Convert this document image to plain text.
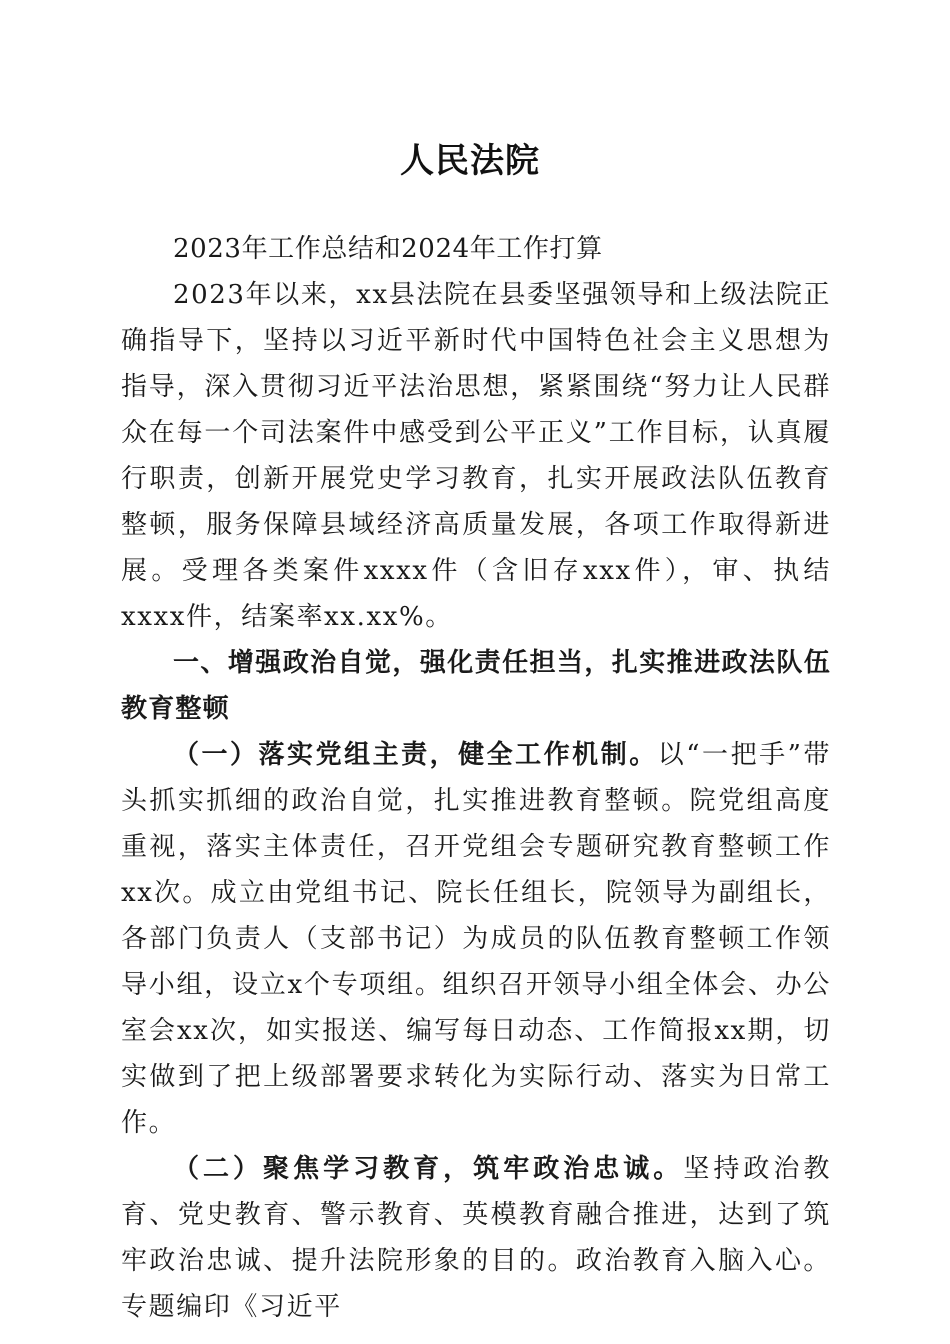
人民法院

2023年工作总结和2024年工作打算

2023年以来，xx县法院在县委坚强领导和上级法院正确指导下，坚持以习近平新时代中国特色社会主义思想为指导，深入贯彻习近平法治思想，紧紧围绕“努力让人民群众在每一个司法案件中感受到公平正义”工作目标，认真履行职责，创新开展党史学习教育，扎实开展政法队伍教育整顿，服务保障县域经济高质量发展，各项工作取得新进展。受理各类案件xxxx件（含旧存xxx件），审、执结xxxx件，结案率xx.xx%。

一、增强政治自觉，强化责任担当，扎实推进政法队伍教育整顿

（一）落实党组主责，健全工作机制。以“一把手”带头抓实抓细的政治自觉，扎实推进教育整顿。院党组高度重视，落实主体责任，召开党组会专题研究教育整顿工作xx次。成立由党组书记、院长任组长，院领导为副组长，各部门负责人（支部书记）为成员的队伍教育整顿工作领导小组，设立x个专项组。组织召开领导小组全体会、办公室会xx次，如实报送、编写每日动态、工作简报xx期，切实做到了把上级部署要求转化为实际行动、落实为日常工作。

（二）聚焦学习教育，筑牢政治忠诚。坚持政治教育、党史教育、警示教育、英模教育融合推进，达到了筑牢政治忠诚、提升法院形象的目的。政治教育入脑入心。专题编印《习近平
